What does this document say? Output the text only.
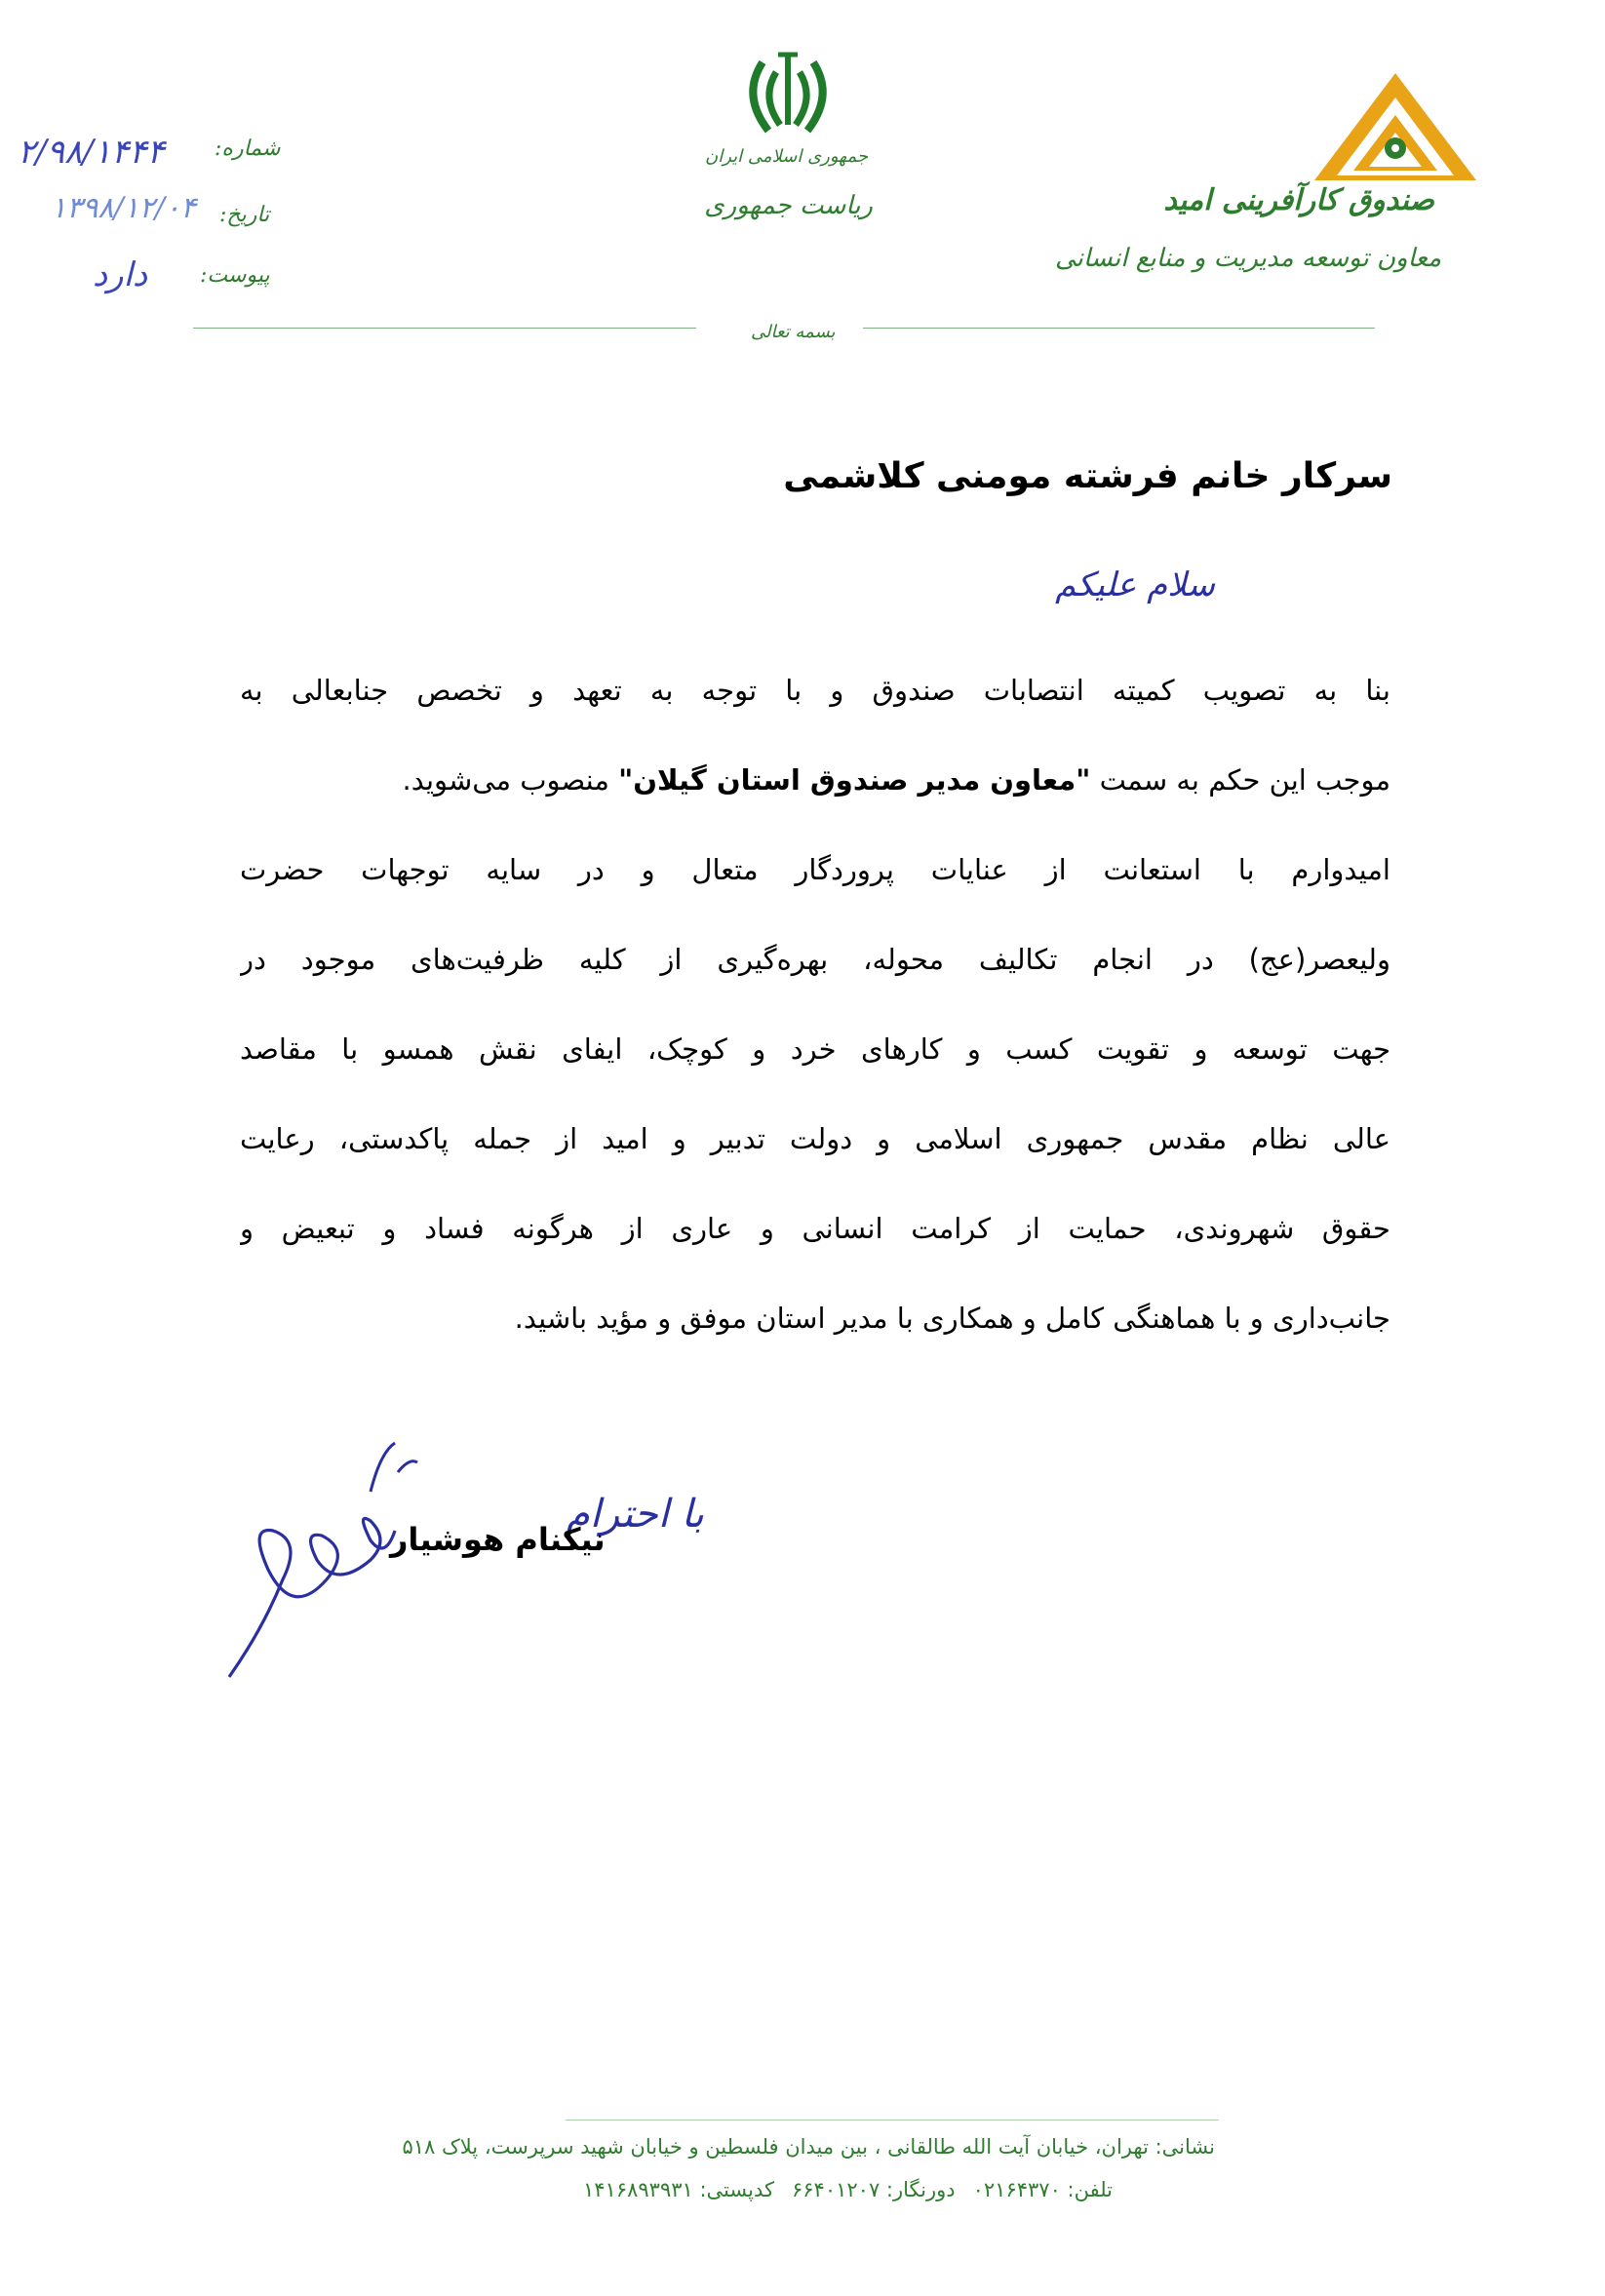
صندوق کارآفرینی امید
معاون توسعه مدیریت و منابع انسانی
جمهوری اسلامی ایران
ریاست جمهوری
شماره:
۲/۹۸/۱۴۴۴
تاریخ:
۱۳۹۸/۱۲/۰۴
پیوست:
دارد
بسمه تعالی
سرکار خانم فرشته مومنی کلاشمی
سلام علیکم
بنا به تصویب کمیته انتصابات صندوق و با توجه به تعهد و تخصص جنابعالی به
موجب این حکم به سمت "معاون مدیر صندوق استان گیلان" منصوب می‌شوید.
امیدوارم با استعانت از عنایات پروردگار متعال و در سایه توجهات حضرت
ولیعصر(عج) در انجام تکالیف محوله، بهره‌گیری از کلیه ظرفیت‌های موجود در
جهت توسعه و تقویت کسب و کارهای خرد و کوچک، ایفای نقش همسو با مقاصد
عالی نظام مقدس جمهوری اسلامی و دولت تدبیر و امید از جمله پاکدستی، رعایت
حقوق شهروندی، حمایت از کرامت انسانی و عاری از هرگونه فساد و تبعیض و
جانب‌داری و با هماهنگی کامل و همکاری با مدیر استان موفق و مؤید باشید.
با احترام
نیکنام هوشیار
نشانی: تهران، خیابان آیت الله طالقانی ، بین میدان فلسطین و خیابان شهید سرپرست، پلاک ۵۱۸
تلفن: ۰۲۱۶۴۳۷۰دورنگار: ۶۶۴۰۱۲۰۷کدپستی: ۱۴۱۶۸۹۳۹۳۱
